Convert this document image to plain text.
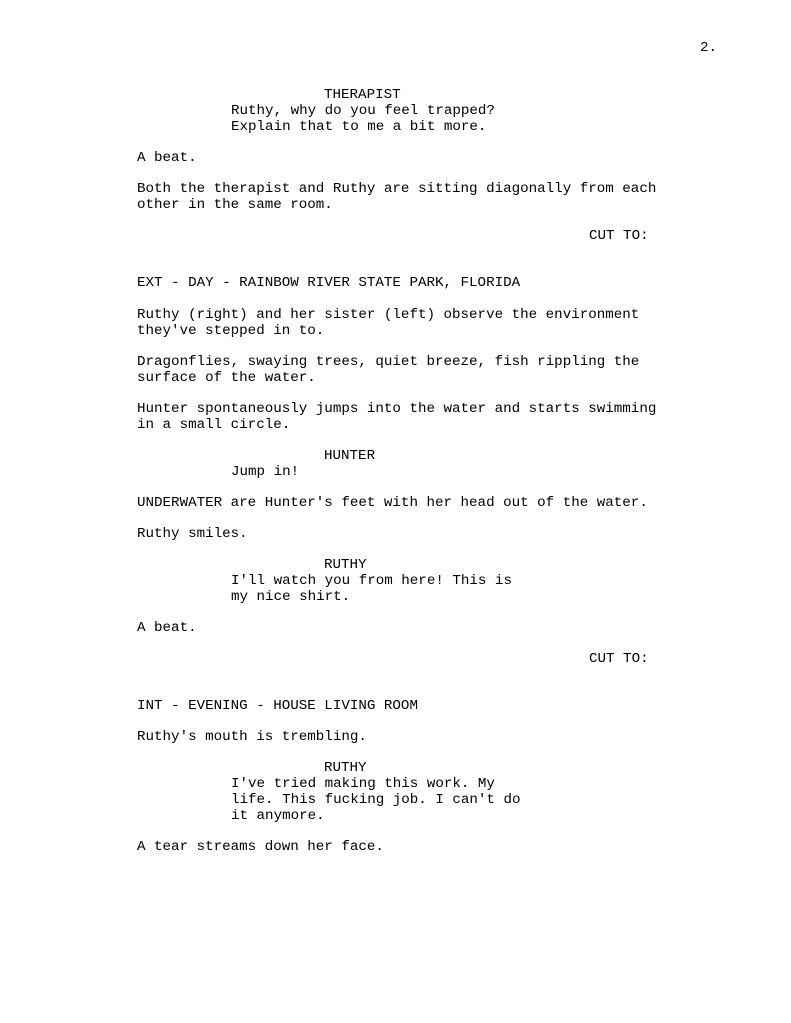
2.
THERAPIST
Ruthy, why do you feel trapped?
Explain that to me a bit more.
A beat.
Both the therapist and Ruthy are sitting diagonally from each
other in the same room.
CUT TO:
EXT - DAY - RAINBOW RIVER STATE PARK, FLORIDA
Ruthy (right) and her sister (left) observe the environment
they've stepped in to.
Dragonflies, swaying trees, quiet breeze, fish rippling the
surface of the water.
Hunter spontaneously jumps into the water and starts swimming
in a small circle.
HUNTER
Jump in!
UNDERWATER are Hunter's feet with her head out of the water.
Ruthy smiles.
RUTHY
I'll watch you from here! This is
my nice shirt.
A beat.
CUT TO:
INT - EVENING - HOUSE LIVING ROOM
Ruthy's mouth is trembling.
RUTHY
I've tried making this work. My
life. This fucking job. I can't do
it anymore.
A tear streams down her face.
